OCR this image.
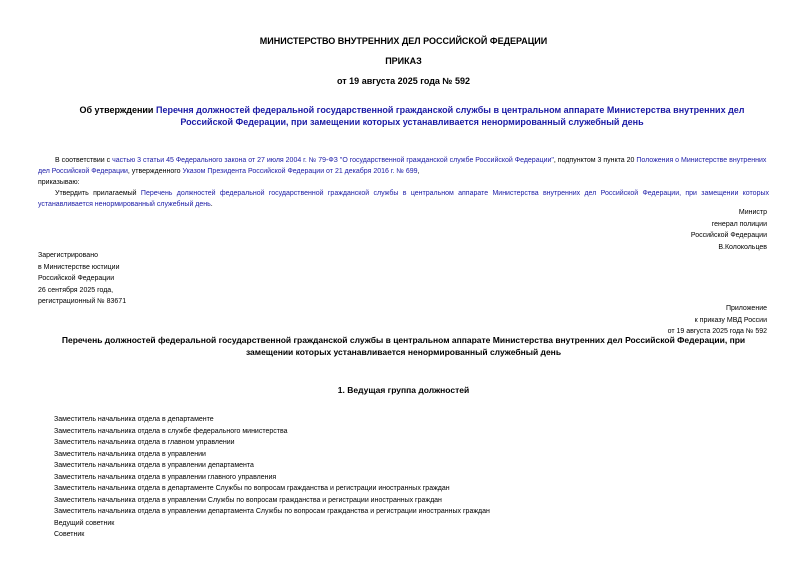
МИНИСТЕРСТВО ВНУТРЕННИХ ДЕЛ РОССИЙСКОЙ ФЕДЕРАЦИИ
ПРИКАЗ
от 19 августа 2025 года № 592
Об утверждении Перечня должностей федеральной государственной гражданской службы в центральном аппарате Министерства внутренних дел Российской Федерации, при замещении которых устанавливается ненормированный служебный день
В соответствии с частью 3 статьи 45 Федерального закона от 27 июля 2004 г. № 79-ФЗ "О государственной гражданской службе Российской Федерации", подпунктом 3 пункта 20 Положения о Министерстве внутренних дел Российской Федерации, утвержденного Указом Президента Российской Федерации от 21 декабря 2016 г. № 699,
приказываю:
Утвердить прилагаемый Перечень должностей федеральной государственной гражданской службы в центральном аппарате Министерства внутренних дел Российской Федерации, при замещении которых устанавливается ненормированный служебный день.
Министр
генерал полиции
Российской Федерации
В.Колокольцев
Зарегистрировано
в Министерстве юстиции
Российской Федерации
26 сентября 2025 года,
регистрационный № 83671
Приложение
к приказу МВД России
от 19 августа 2025 года № 592
Перечень должностей федеральной государственной гражданской службы в центральном аппарате Министерства внутренних дел Российской Федерации, при замещении которых устанавливается ненормированный служебный день
1. Ведущая группа должностей
Заместитель начальника отдела в департаменте
Заместитель начальника отдела в службе федерального министерства
Заместитель начальника отдела в главном управлении
Заместитель начальника отдела в управлении
Заместитель начальника отдела в управлении департамента
Заместитель начальника отдела в управлении главного управления
Заместитель начальника отдела в департаменте Службы по вопросам гражданства и регистрации иностранных граждан
Заместитель начальника отдела в управлении Службы по вопросам гражданства и регистрации иностранных граждан
Заместитель начальника отдела в управлении департамента Службы по вопросам гражданства и регистрации иностранных граждан
Ведущий советник
Советник
